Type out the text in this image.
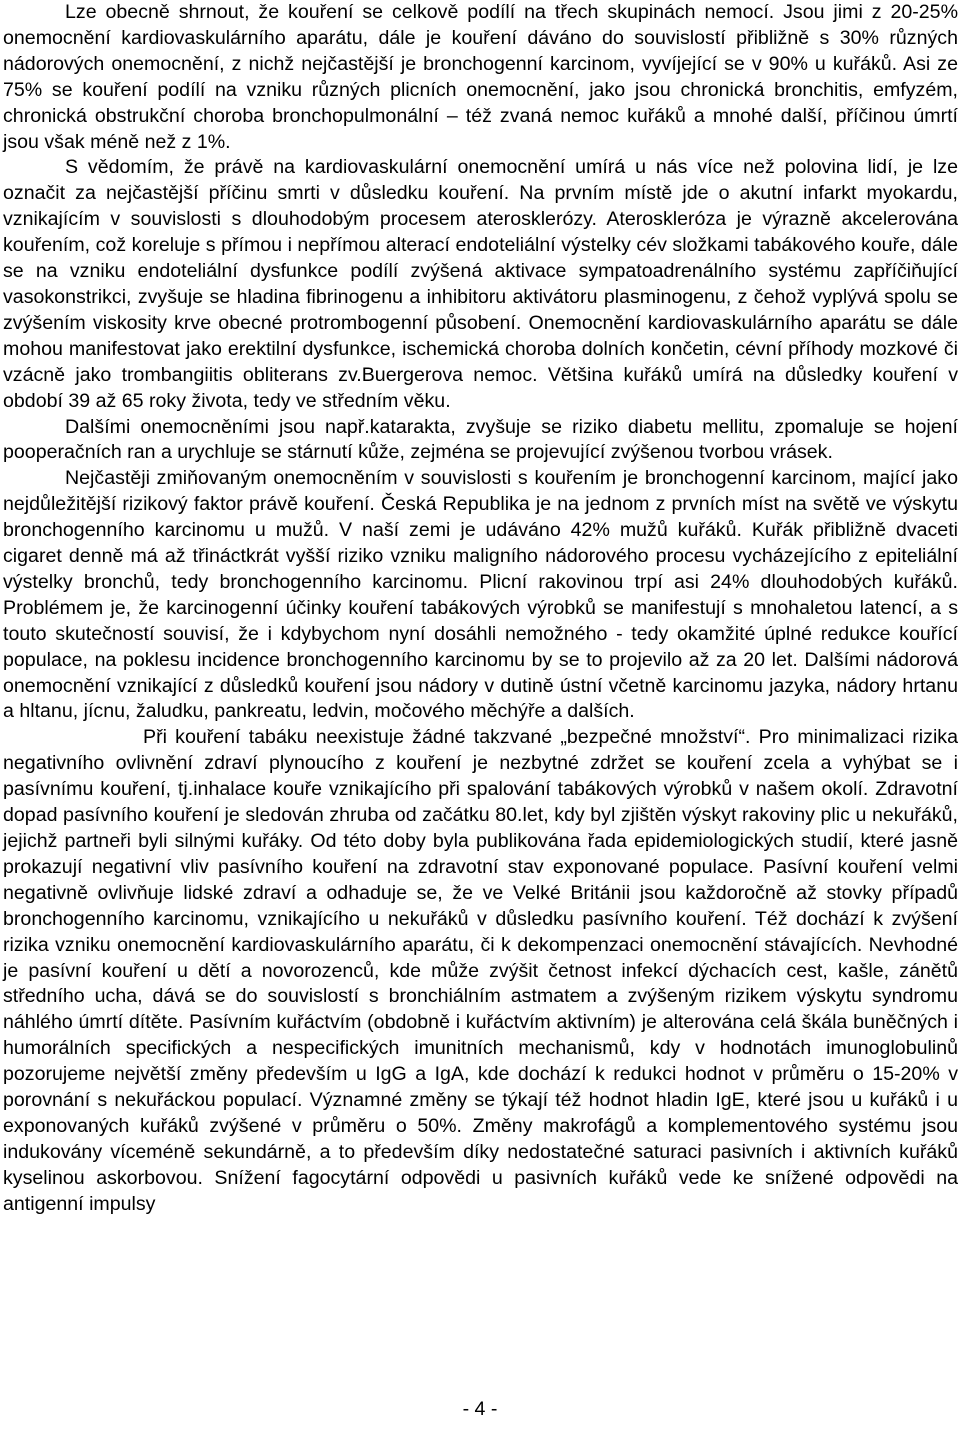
Lze obecně shrnout, že kouření se celkově podílí na třech skupinách nemocí. Jsou jimi z 20-25% onemocnění kardiovaskulárního aparátu, dále je kouření dáváno do souvislostí přibližně s 30% různých nádorových onemocnění, z nichž nejčastější je bronchogenní karcinom, vyvíjející se v 90% u kuřáků. Asi ze 75% se kouření podílí na vzniku různých plicních onemocnění, jako jsou chronická bronchitis, emfyzém, chronická obstrukční choroba bronchopulmonální – též zvaná nemoc kuřáků a mnohé další, příčinou úmrtí jsou však méně než z 1%.

S vědomím, že právě na kardiovaskulární onemocnění umírá u nás více než polovina lidí, je lze označit za nejčastější příčinu smrti v důsledku kouření. Na prvním místě jde o akutní infarkt myokardu, vznikajícím v souvislosti s dlouhodobým procesem aterosklerózy. Ateroskleróza je výrazně akcelerována kouřením, což koreluje s přímou i nepřímou alterací endoteliální výstelky cév složkami tabákového kouře, dále se na vzniku endoteliální dysfunkce podílí zvýšená aktivace sympatoadrenálního systému zapříčiňující vasokonstrikci, zvyšuje se hladina fibrinogenu a inhibitoru aktivátoru plasminogenu, z čehož vyplývá spolu se zvýšením viskosity krve obecné protrombogenní působení. Onemocnění kardiovaskulárního aparátu se dále mohou manifestovat jako erektilní dysfunkce, ischemická choroba dolních končetin, cévní příhody mozkové či vzácně jako trombangiitis obliterans zv.Buergerova nemoc. Většina kuřáků umírá na důsledky kouření v období 39 až 65 roky života, tedy ve středním věku.

Dalšími onemocněními jsou např.katarakta, zvyšuje se riziko diabetu mellitu, zpomaluje se hojení pooperačních ran a urychluje se stárnutí kůže, zejména se projevující zvýšenou tvorbou vrásek.

Nejčastěji zmiňovaným onemocněním v souvislosti s kouřením je bronchogenní karcinom, mající jako nejdůležitější rizikový faktor právě kouření. Česká Republika je na jednom z prvních míst na světě ve výskytu bronchogenního karcinomu u mužů. V naší zemi je udáváno 42% mužů kuřáků. Kuřák přibližně dvaceti cigaret denně má až třináctkrát vyšší riziko vzniku maligního nádorového procesu vycházejícího z epiteliální výstelky bronchů, tedy bronchogenního karcinomu. Plicní rakovinou trpí asi 24% dlouhodobých kuřáků. Problémem je, že karcinogenní účinky kouření tabákových výrobků se manifestují s mnohaletou latencí, a s touto skutečností souvisí, že i kdybychom nyní dosáhli nemožného - tedy okamžité úplné redukce kouřící populace, na poklesu incidence bronchogenního karcinomu by se to projevilo až za 20 let. Dalšími nádorová onemocnění vznikající z důsledků kouření jsou nádory v dutině ústní včetně karcinomu jazyka, nádory hrtanu a hltanu, jícnu, žaludku, pankreatu, ledvin, močového měchýře a dalších.

Při kouření tabáku neexistuje žádné takzvané „bezpečné množství“. Pro minimalizaci rizika negativního ovlivnění zdraví plynoucího z kouření je nezbytné zdržet se kouření zcela a vyhýbat se i pasívnímu kouření, tj.inhalace kouře vznikajícího při spalování tabákových výrobků v našem okolí. Zdravotní dopad pasívního kouření je sledován zhruba od začátku 80.let, kdy byl zjištěn výskyt rakoviny plic u nekuřáků, jejichž partneři byli silnými kuřáky. Od této doby byla publikována řada epidemiologických studií, které jasně prokazují negativní vliv pasívního kouření na zdravotní stav exponované populace. Pasívní kouření velmi negativně ovlivňuje lidské zdraví a odhaduje se, že ve Velké Británii jsou každoročně až stovky případů bronchogenního karcinomu, vznikajícího u nekuřáků v důsledku pasívního kouření. Též dochází k zvýšení rizika vzniku onemocnění kardiovaskulárního aparátu, či k dekompenzaci onemocnění stávajících. Nevhodné je pasívní kouření u dětí a novorozenců, kde může zvýšit četnost infekcí dýchacích cest, kašle, zánětů středního ucha, dává se do souvislostí s bronchiálním astmatem a zvýšeným rizikem výskytu syndromu náhlého úmrtí dítěte. Pasívním kuřáctvím (obdobně i kuřáctvím aktivním) je alterována celá škála buněčných i humorálních specifických a nespecifických imunitních mechanismů, kdy v hodnotách imunoglobulinů pozorujeme největší změny především u IgG a IgA, kde dochází k redukci hodnot v průměru o 15-20% v porovnání s nekuřáckou populací. Významné změny se týkají též hodnot hladin IgE, které jsou u kuřáků i u exponovaných kuřáků zvýšené v průměru o 50%. Změny makrofágů a komplementového systému jsou indukovány víceméně sekundárně, a to především díky nedostatečné saturaci pasivních i aktivních kuřáků kyselinou askorbovou. Snížení fagocytární odpovědi u pasivních kuřáků vede ke snížené odpovědi na antigenní impulsy

- 4 -
